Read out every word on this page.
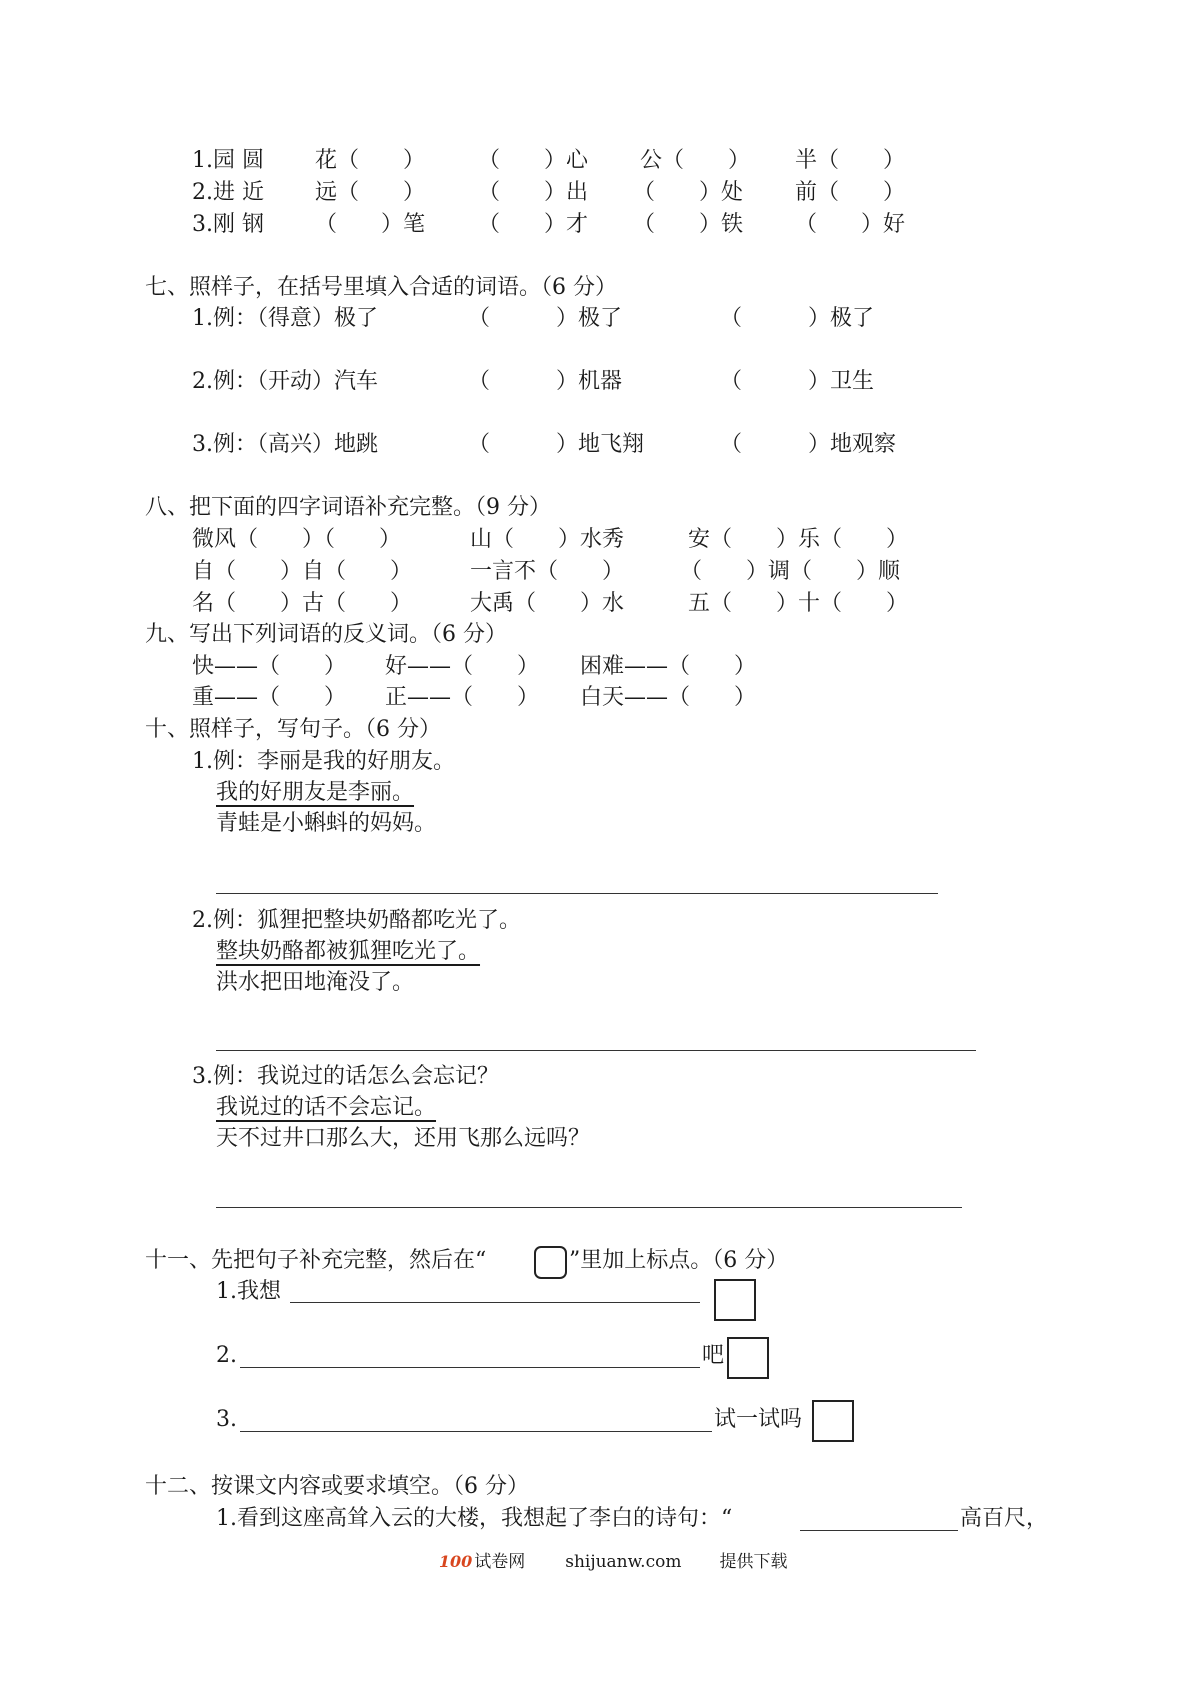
1.园 圆 花（　　） （　　）心 公（　　） 半（　　）
2.进 近 远（　　） （　　）出 （　　）处 前（　　）
3.刚 钢 （　　）笔 （　　）才 （　　）铁 （　　）好
七、照样子，在括号里填入合适的词语。（6 分）
1.例：（得意）极了	（　　　）极了	（　　　）极了
2.例：（开动）汽车	（　　　）机器	（　　　）卫生
3.例：（高兴）地跳	（　　　）地飞翔	（　　　）地观察
八、把下面的四字词语补充完整。（9 分）
微风（　　）（　　）	山（　　）水秀	安（　　）乐（　　）
自（　　）自（　　）	一言不（　　）	（　　）调（　　）顺
名（　　）古（　　）	大禹（　　）水	五（　　）十（　　）
九、写出下列词语的反义词。（6 分）
快——（　　） 好——（　　） 困难——（　　）
重——（　　） 正——（　　） 白天——（　　）
十、照样子，写句子。（6 分）
1.例：李丽是我的好朋友。
我的好朋友是李丽。
青蛙是小蝌蚪的妈妈。
2.例：狐狸把整块奶酪都吃光了。
整块奶酪都被狐狸吃光了。
洪水把田地淹没了。
3.例：我说过的话怎么会忘记？
我说过的话不会忘记。
天不过井口那么大，还用飞那么远吗？
十一、先把句子补充完整，然后在“	”里加上标点。（6 分）
1.我想
2.	吧
3.	试一试吗
十二、按课文内容或要求填空。（6 分）
1.看到这座高耸入云的大楼，我想起了李白的诗句：“	高百尺，

100 试卷网 shijuanw.com 提供下载
